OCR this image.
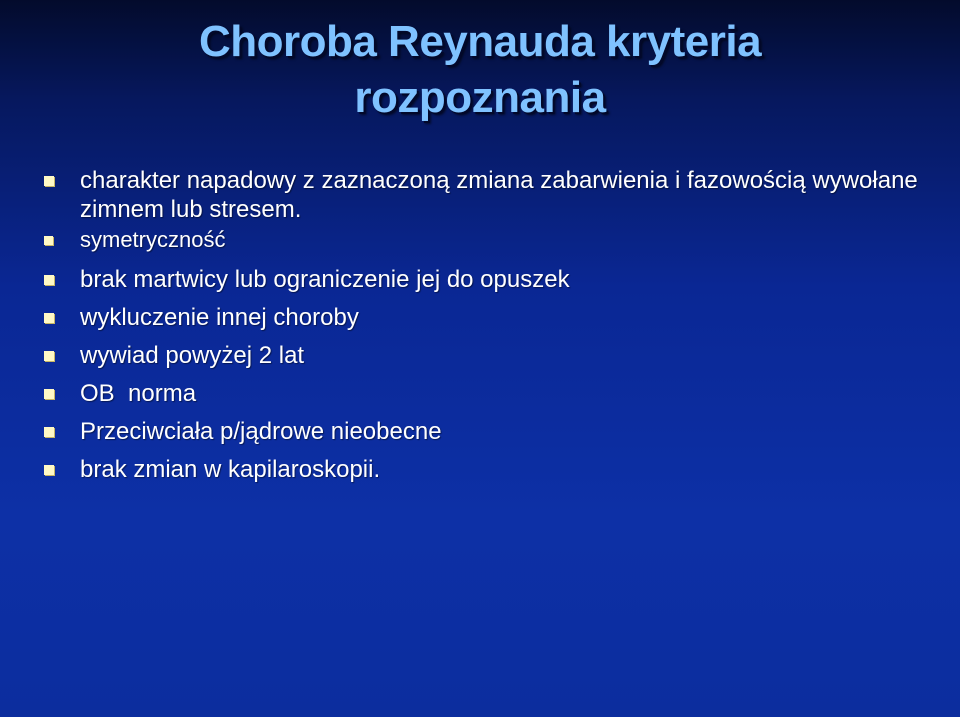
Choroba Reynauda kryteria
rozpoznania
charakter napadowy z zaznaczoną zmiana zabarwienia i fazowością wywołane zimnem lub stresem.
symetryczność
brak martwicy lub ograniczenie jej do opuszek
wykluczenie innej choroby
wywiad powyżej 2 lat
OB  norma
Przeciwciała p/jądrowe nieobecne
brak zmian w kapilaroskopii.
